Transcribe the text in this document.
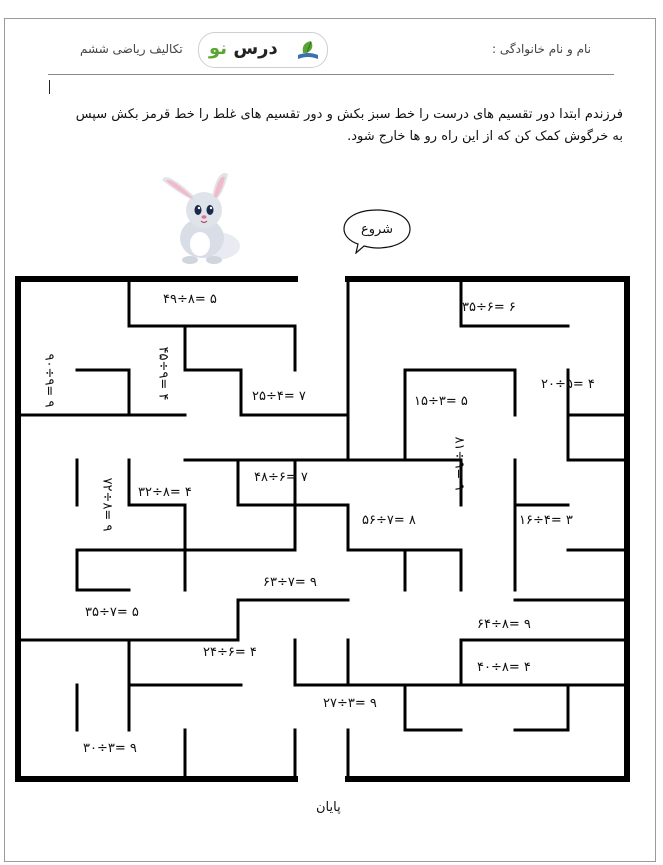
نام و نام خانوادگی :
تکالیف ریاضی ششم	درس نو
فرزندم ابتدا دور تقسیم های درست را خط سبز بکش و دور تقسیم های غلط را خط قرمز بکش سپس
به خرگوش کمک کن که از این راه رو ها خارج شود.
شروع
۵ =۸÷۴۹
۶ =۶÷۳۵
۹ =۹÷۹۰
۴ =۹÷۴۵	۷ =۴÷۲۵	۵ =۳÷۱۵
۴ =۵÷۲۰
۹ =۹÷۸۱
۷ =۶÷۴۸
۹ =۸÷۷۲
۴ =۸÷۳۲
۸ =۷÷۵۶	۳ =۴÷۱۶
۹ =۷÷۶۳
۵ =۷÷۳۵
۹ =۸÷۶۴
۴ =۶÷۲۴
۴ =۸÷۴۰
۹ =۳÷۲۷
۹ =۳÷۳۰
پایان
